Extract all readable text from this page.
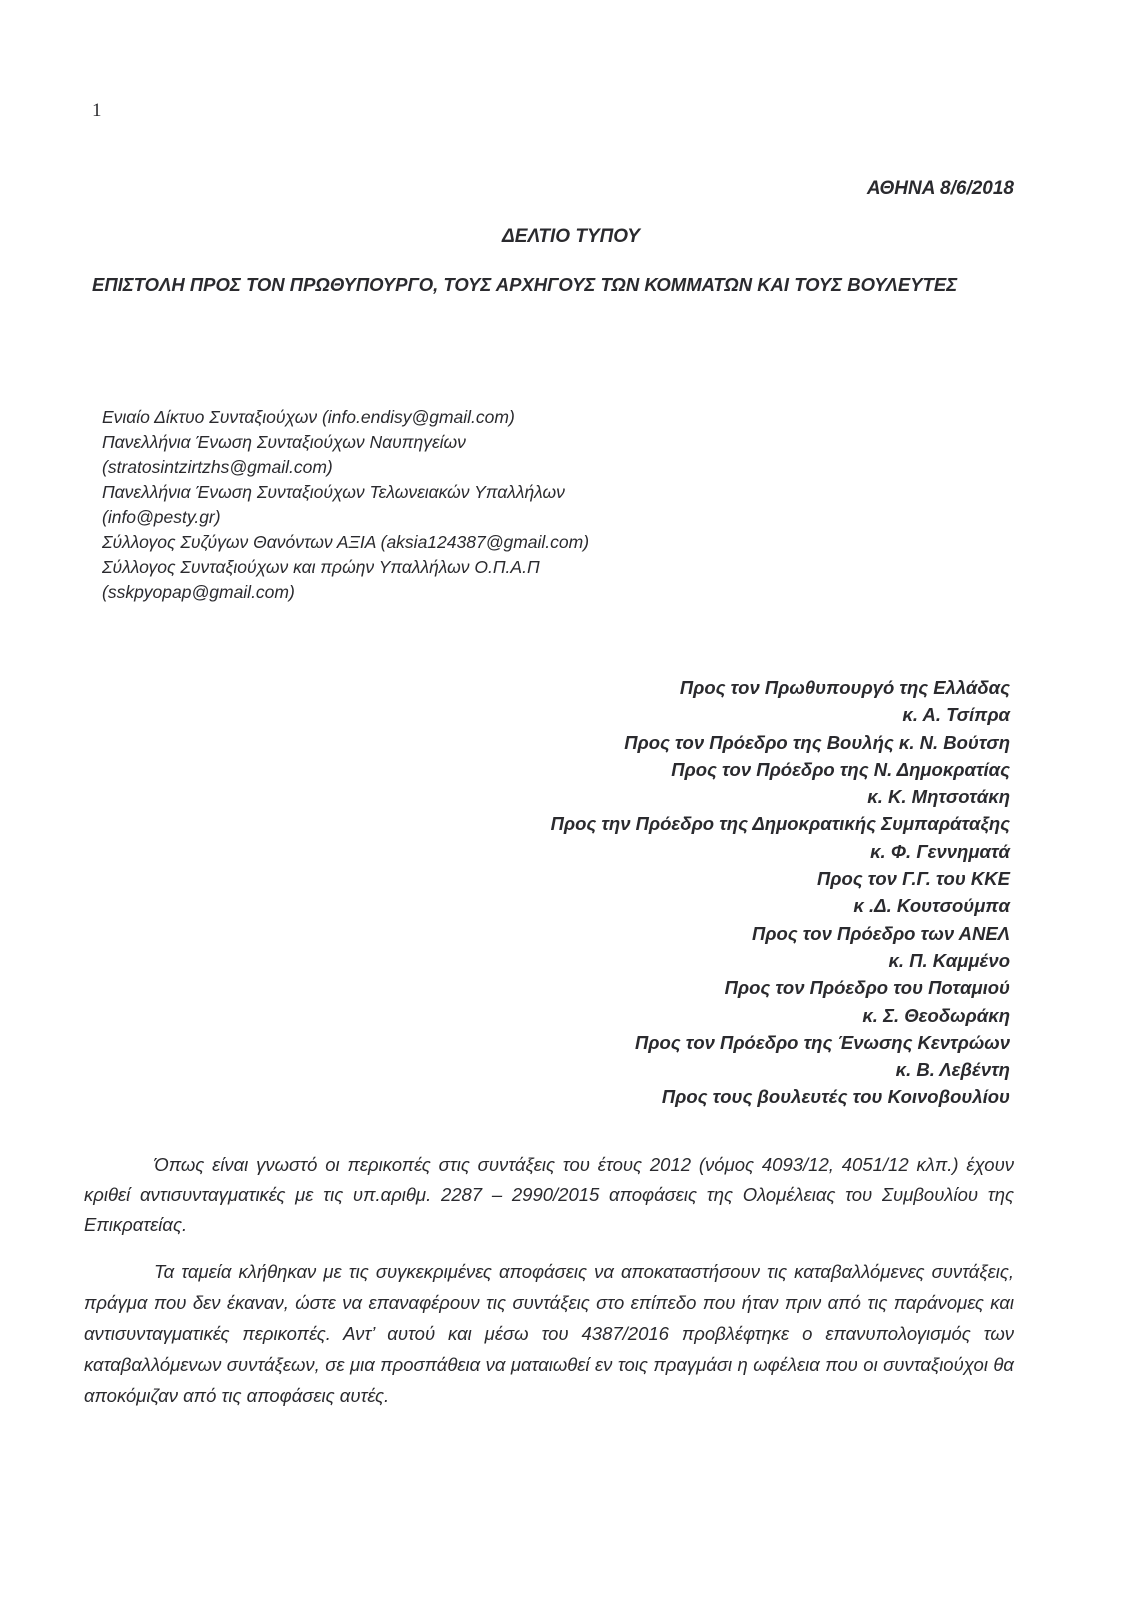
1
ΑΘΗΝΑ 8/6/2018
ΔΕΛΤΙΟ ΤΥΠΟΥ
ΕΠΙΣΤΟΛΗ ΠΡΟΣ ΤΟΝ ΠΡΩΘΥΠΟΥΡΓΟ, ΤΟΥΣ ΑΡΧΗΓΟΥΣ ΤΩΝ ΚΟΜΜΑΤΩΝ ΚΑΙ ΤΟΥΣ ΒΟΥΛΕΥΤΕΣ
Ενιαίο Δίκτυο Συνταξιούχων (info.endisy@gmail.com)
Πανελλήνια Ένωση Συνταξιούχων Ναυπηγείων
(stratosintzirtzhs@gmail.com)
Πανελλήνια Ένωση Συνταξιούχων Τελωνειακών Υπαλλήλων
(info@pesty.gr)
Σύλλογος Συζύγων Θανόντων ΑΞΙΑ (aksia124387@gmail.com)
Σύλλογος Συνταξιούχων και πρώην Υπαλλήλων Ο.Π.Α.Π
(sskpyopap@gmail.com)
Προς τον Πρωθυπουργό της Ελλάδας
κ. Α. Τσίπρα
Προς τον Πρόεδρο της Βουλής κ. Ν. Βούτση
Προς τον Πρόεδρο της Ν. Δημοκρατίας
κ. Κ. Μητσοτάκη
Προς την Πρόεδρο της Δημοκρατικής Συμπαράταξης
κ. Φ. Γεννηματά
Προς τον Γ.Γ. του ΚΚΕ
κ .Δ. Κουτσούμπα
Προς τον Πρόεδρο των ΑΝΕΛ
κ. Π. Καμμένο
Προς τον Πρόεδρο του Ποταμιού
κ. Σ. Θεοδωράκη
Προς τον Πρόεδρο της Ένωσης Κεντρώων
κ. Β. Λεβέντη
Προς τους βουλευτές του Κοινοβουλίου

Όπως είναι γνωστό οι περικοπές στις συντάξεις του έτους 2012 (νόμος 4093/12, 4051/12 κλπ.) έχουν κριθεί αντισυνταγματικές με τις υπ.αριθμ. 2287 – 2990/2015 αποφάσεις της Ολομέλειας του Συμβουλίου της Επικρατείας.

Τα ταμεία κλήθηκαν με τις συγκεκριμένες αποφάσεις να αποκαταστήσουν τις καταβαλλόμενες συντάξεις, πράγμα που δεν έκαναν, ώστε να επαναφέρουν τις συντάξεις στο επίπεδο που ήταν πριν από τις παράνομες και αντισυνταγματικές περικοπές. Αντ’ αυτού και μέσω του 4387/2016 προβλέφτηκε ο επανυπολογισμός των καταβαλλόμενων συντάξεων, σε μια προσπάθεια να ματαιωθεί εν τοις πραγμάσι η ωφέλεια που οι συνταξιούχοι θα αποκόμιζαν από τις αποφάσεις αυτές.
